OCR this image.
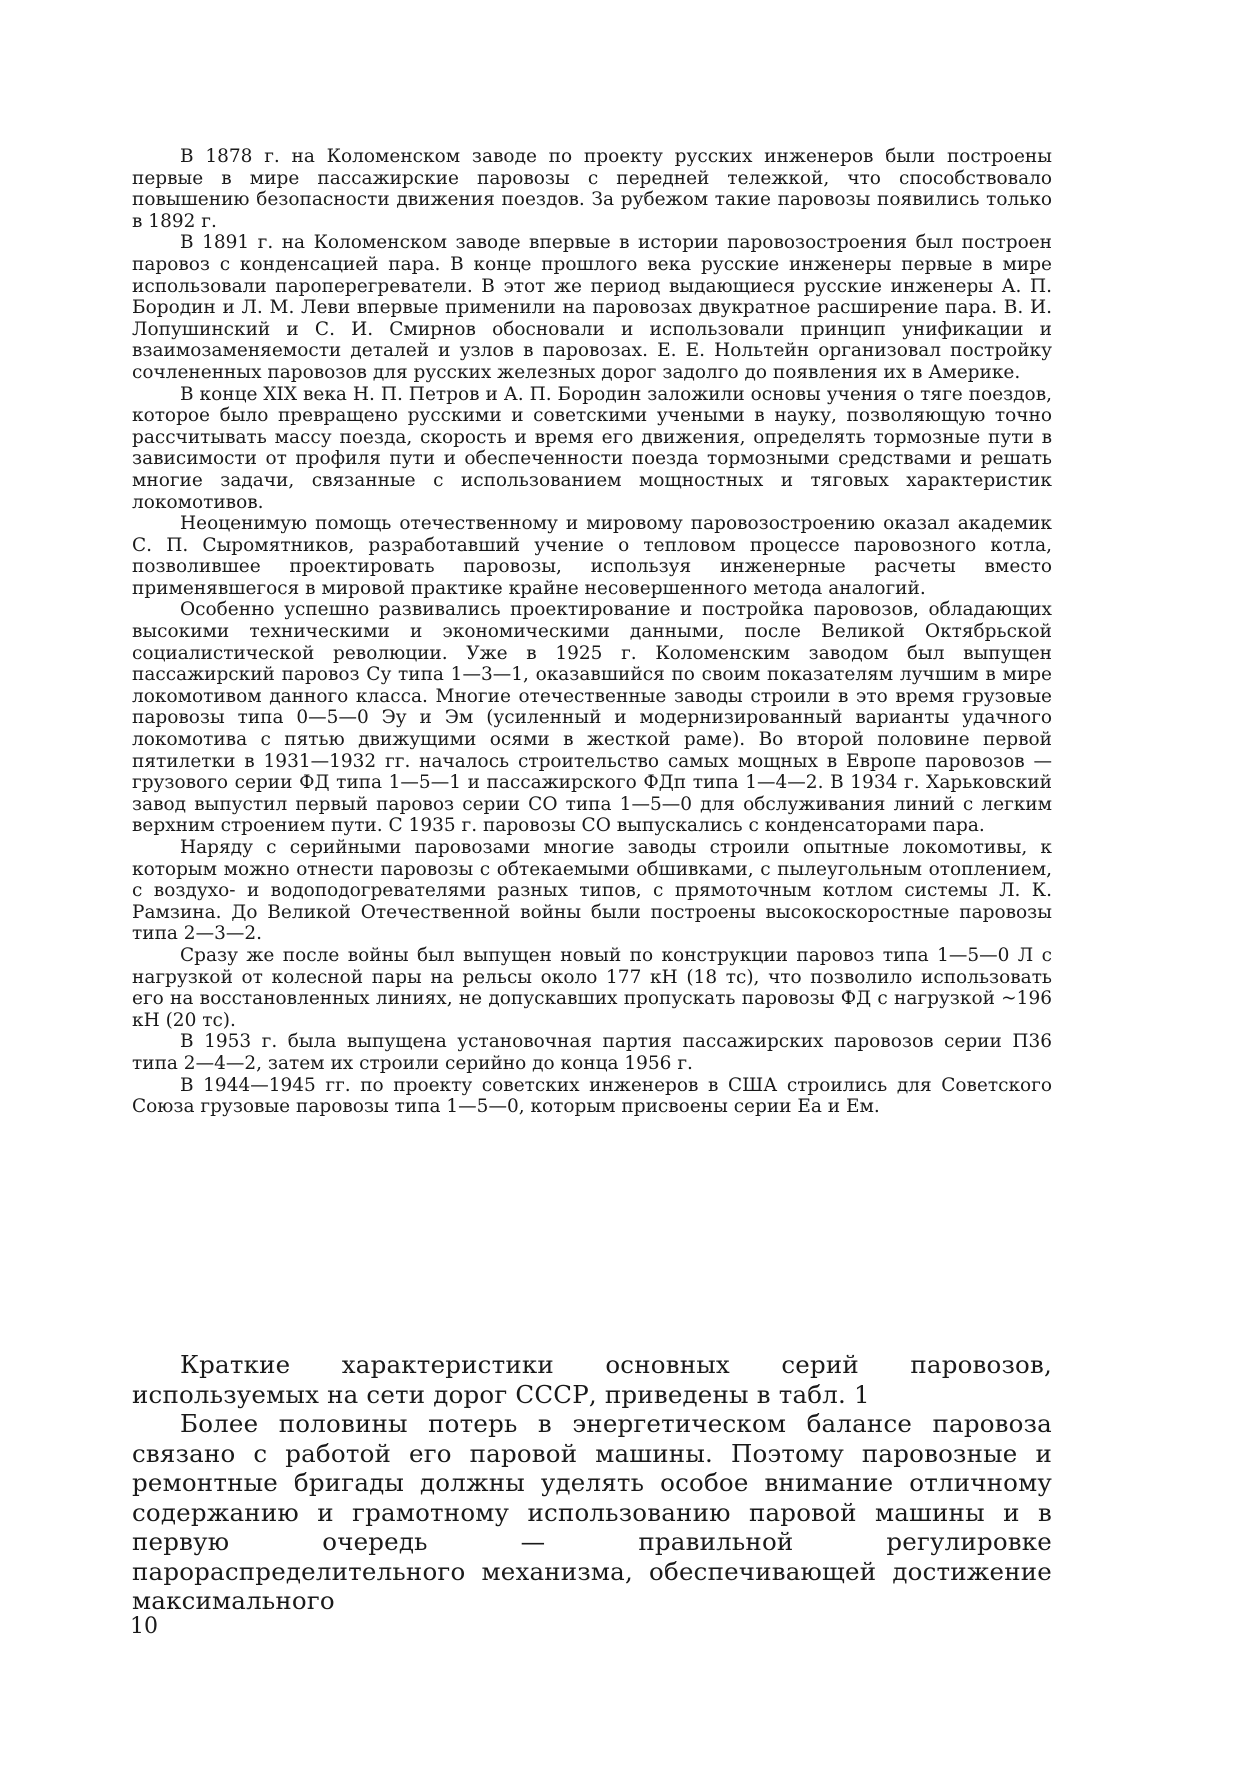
В 1878 г. на Коломенском заводе по проекту русских инженеров были построены первые в мире пассажирские паровозы с передней тележкой, что способствовало повышению безопасности движения поездов. За рубежом такие паровозы появились только в 1892 г.

В 1891 г. на Коломенском заводе впервые в истории паровозостроения был построен паровоз с конденсацией пара. В конце прошлого века русские инженеры первые в мире использовали пароперегреватели. В этот же период выдающиеся русские инженеры А. П. Бородин и Л. М. Леви впервые применили на паровозах двукратное расширение пара. В. И. Лопушинский и С. И. Смирнов обосновали и использовали принцип унификации и взаимозаменяемости деталей и узлов в паровозах. Е. Е. Нольтейн организовал постройку сочлененных паровозов для русских железных дорог задолго до появления их в Америке.

В конце XIX века Н. П. Петров и А. П. Бородин заложили основы учения о тяге поездов, которое было превращено русскими и советскими учеными в науку, позволяющую точно рассчитывать массу поезда, скорость и время его движения, определять тормозные пути в зависимости от профиля пути и обеспеченности поезда тормозными средствами и решать многие задачи, связанные с использованием мощностных и тяговых характеристик локомотивов.

Неоценимую помощь отечественному и мировому паровозостроению оказал академик С. П. Сыромятников, разработавший учение о тепловом процессе паровозного котла, позволившее проектировать паровозы, используя инженерные расчеты вместо применявшегося в мировой практике крайне несовершенного метода аналогий.

Особенно успешно развивались проектирование и постройка паровозов, обладающих высокими техническими и экономическими данными, после Великой Октябрьской социалистической революции. Уже в 1925 г. Коломенским заводом был выпущен пассажирский паровоз Су типа 1—3—1, оказавшийся по своим показателям лучшим в мире локомотивом данного класса. Многие отечественные заводы строили в это время грузовые паровозы типа 0—5—0 Эу и Эм (усиленный и модернизированный варианты удачного локомотива с пятью движущими осями в жесткой раме). Во второй половине первой пятилетки в 1931—1932 гг. началось строительство самых мощных в Европе паровозов — грузового серии ФД типа 1—5—1 и пассажирского ФДп типа 1—4—2. В 1934 г. Харьковский завод выпустил первый паровоз серии СО типа 1—5—0 для обслуживания линий с легким верхним строением пути. С 1935 г. паровозы СО выпускались с конденсаторами пара.

Наряду с серийными паровозами многие заводы строили опытные локомотивы, к которым можно отнести паровозы с обтекаемыми обшивками, с пылеугольным отоплением, с воздухо- и водоподогревателями разных типов, с прямоточным котлом системы Л. К. Рамзина. До Великой Отечественной войны были построены высокоскоростные паровозы типа 2—3—2.

Сразу же после войны был выпущен новый по конструкции паровоз типа 1—5—0 Л с нагрузкой от колесной пары на рельсы около 177 кН (18 тс), что позволило использовать его на восстановленных линиях, не допускавших пропускать паровозы ФД с нагрузкой ~196 кН (20 тс).

В 1953 г. была выпущена установочная партия пассажирских паровозов серии П36 типа 2—4—2, затем их строили серийно до конца 1956 г.

В 1944—1945 гг. по проекту советских инженеров в США строились для Советского Союза грузовые паровозы типа 1—5—0, которым присвоены серии Еа и Ем.

Краткие характеристики основных серий паровозов, используемых на сети дорог СССР, приведены в табл. 1

Более половины потерь в энергетическом балансе паровоза связано с работой его паровой машины. Поэтому паровозные и ремонтные бригады должны уделять особое внимание отличному содержанию и грамотному использованию паровой машины и в первую очередь — правильной регулировке парораспределительного механизма, обеспечивающей достижение максимального

10
